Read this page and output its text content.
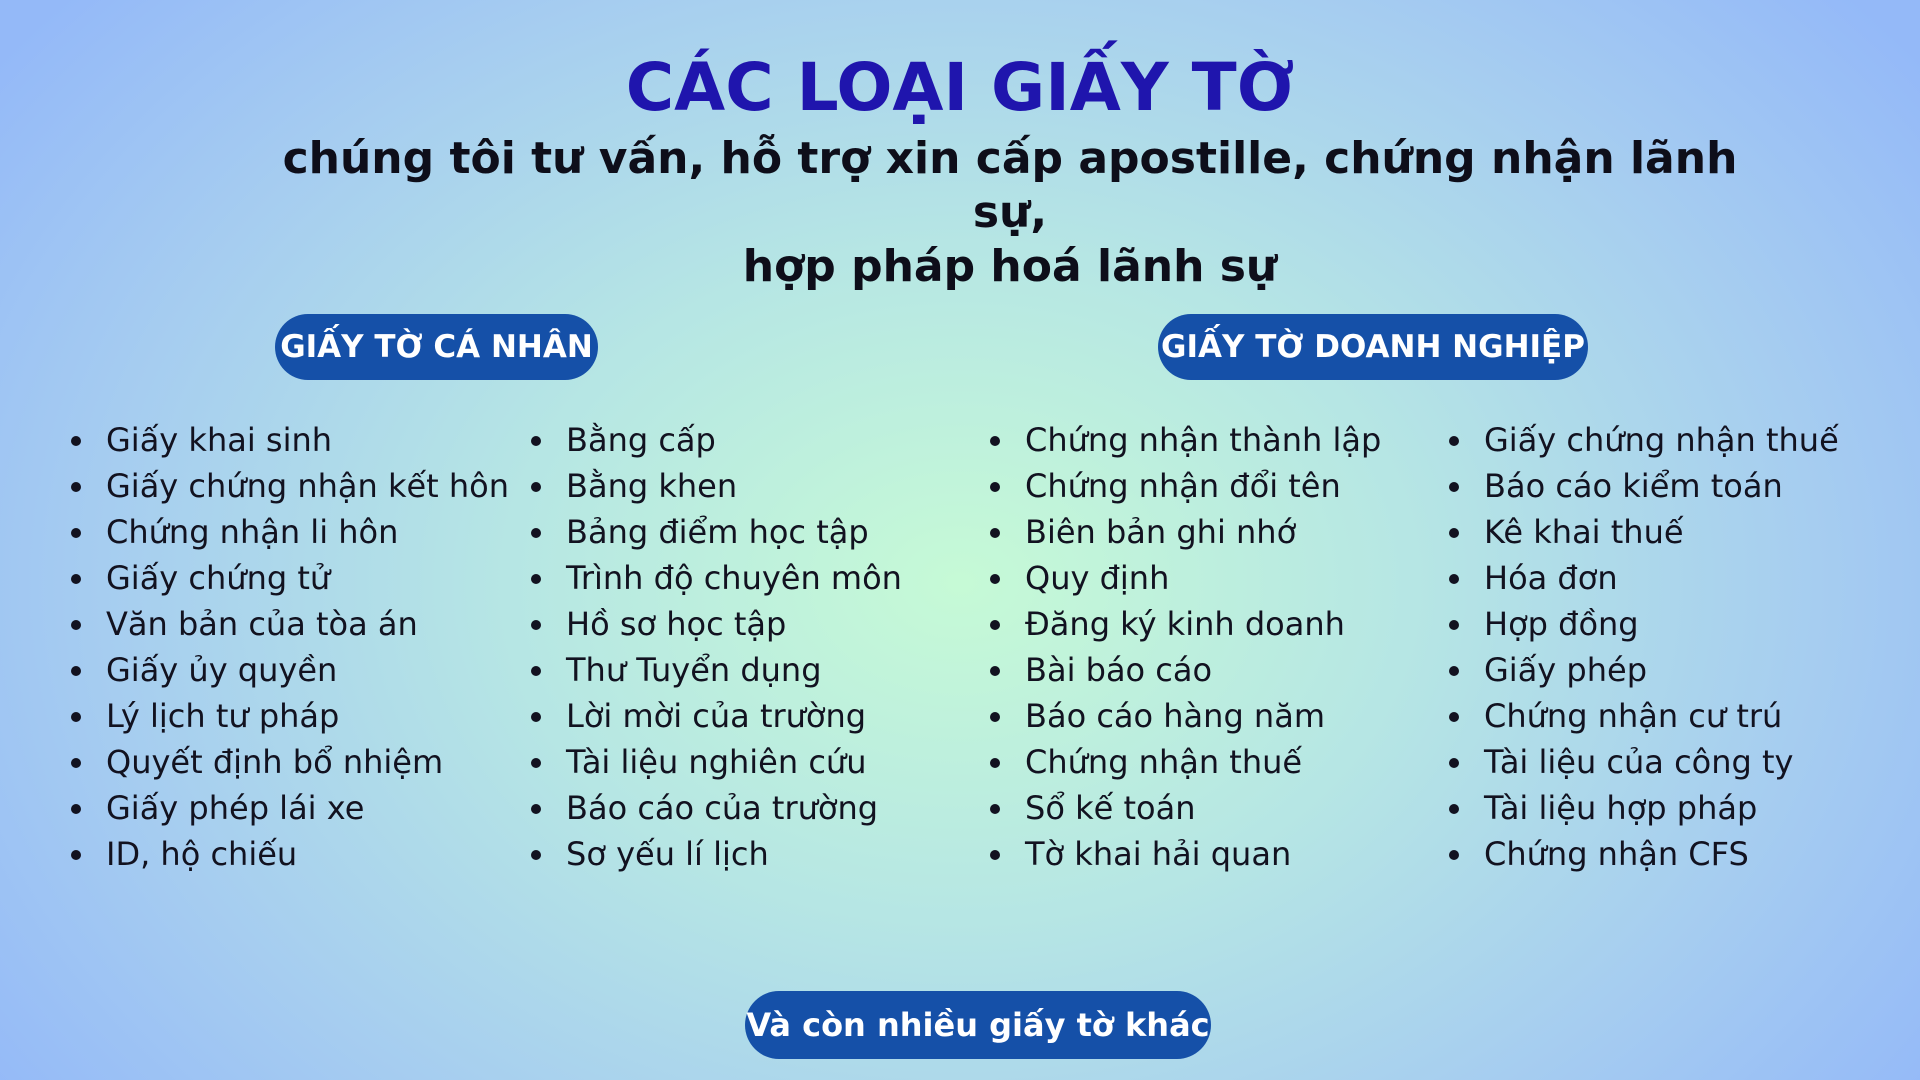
CÁC LOẠI GIẤY TỜ
chúng tôi tư vấn, hỗ trợ xin cấp apostille, chứng nhận lãnh sự,
hợp pháp hoá lãnh sự
GIẤY TỜ CÁ NHÂN	GIẤY TỜ DOANH NGHIỆP
Giấy khai sinh
Giấy chứng nhận kết hôn
Chứng nhận li hôn
Giấy chứng tử
Văn bản của tòa án
Giấy ủy quyền
Lý lịch tư pháp
Quyết định bổ nhiệm
Giấy phép lái xe
ID, hộ chiếu
Bằng cấp
Bằng khen
Bảng điểm học tập
Trình độ chuyên môn
Hồ sơ học tập
Thư Tuyển dụng
Lời mời của trường
Tài liệu nghiên cứu
Báo cáo của trường
Sơ yếu lí lịch
Chứng nhận thành lập
Chứng nhận đổi tên
Biên bản ghi nhớ
Quy định
Đăng ký kinh doanh
Bài báo cáo
Báo cáo hàng năm
Chứng nhận thuế
Sổ kế toán
Tờ khai hải quan
Giấy chứng nhận thuế
Báo cáo kiểm toán
Kê khai thuế
Hóa đơn
Hợp đồng
Giấy phép
Chứng nhận cư trú
Tài liệu của công ty
Tài liệu hợp pháp
Chứng nhận CFS
Và còn nhiều giấy tờ khác
